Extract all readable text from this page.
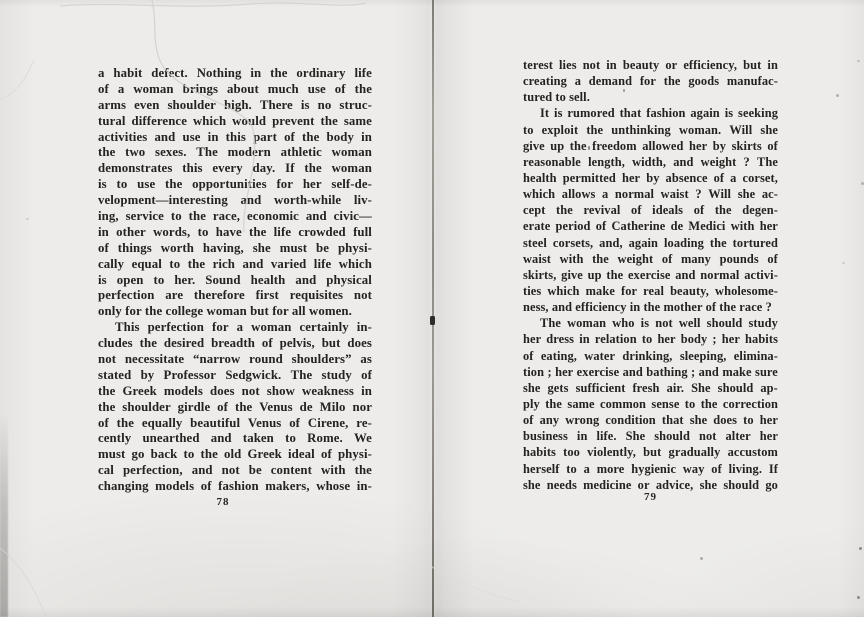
a habit defect. Nothing in the ordinary life
of a woman brings about much use of the
arms even shoulder high. There is no struc-
tural difference which would prevent the same
activities and use in this part of the body in
the two sexes. The modern athletic woman
demonstrates this every day. If the woman
is to use the opportunities for her self-de-
velopment—interesting and worth-while liv-
ing, service to the race, economic and civic—
in other words, to have the life crowded full
of things worth having, she must be physi-
cally equal to the rich and varied life which
is open to her. Sound health and physical
perfection are therefore first requisites not
only for the college woman but for all women.
This perfection for a woman certainly in-
cludes the desired breadth of pelvis, but does
not necessitate “narrow round shoulders” as
stated by Professor Sedgwick. The study of
the Greek models does not show weakness in
the shoulder girdle of the Venus de Milo nor
of the equally beautiful Venus of Cirene, re-
cently unearthed and taken to Rome. We
must go back to the old Greek ideal of physi-
cal perfection, and not be content with the
changing models of fashion makers, whose in-
78
terest lies not in beauty or efficiency, but in
creating a demand for the goods manufac-
tured to sell.
It is rumored that fashion again is seeking
to exploit the unthinking woman. Will she
give up the freedom allowed her by skirts of
reasonable length, width, and weight ? The
health permitted her by absence of a corset,
which allows a normal waist ? Will she ac-
cept the revival of ideals of the degen-
erate period of Catherine de Medici with her
steel corsets, and, again loading the tortured
waist with the weight of many pounds of
skirts, give up the exercise and normal activi-
ties which make for real beauty, wholesome-
ness, and efficiency in the mother of the race ?
The woman who is not well should study
her dress in relation to her body ; her habits
of eating, water drinking, sleeping, elimina-
tion ; her exercise and bathing ; and make sure
she gets sufficient fresh air. She should ap-
ply the same common sense to the correction
of any wrong condition that she does to her
business in life. She should not alter her
habits too violently, but gradually accustom
herself to a more hygienic way of living. If
she needs medicine or advice, she should go
79
